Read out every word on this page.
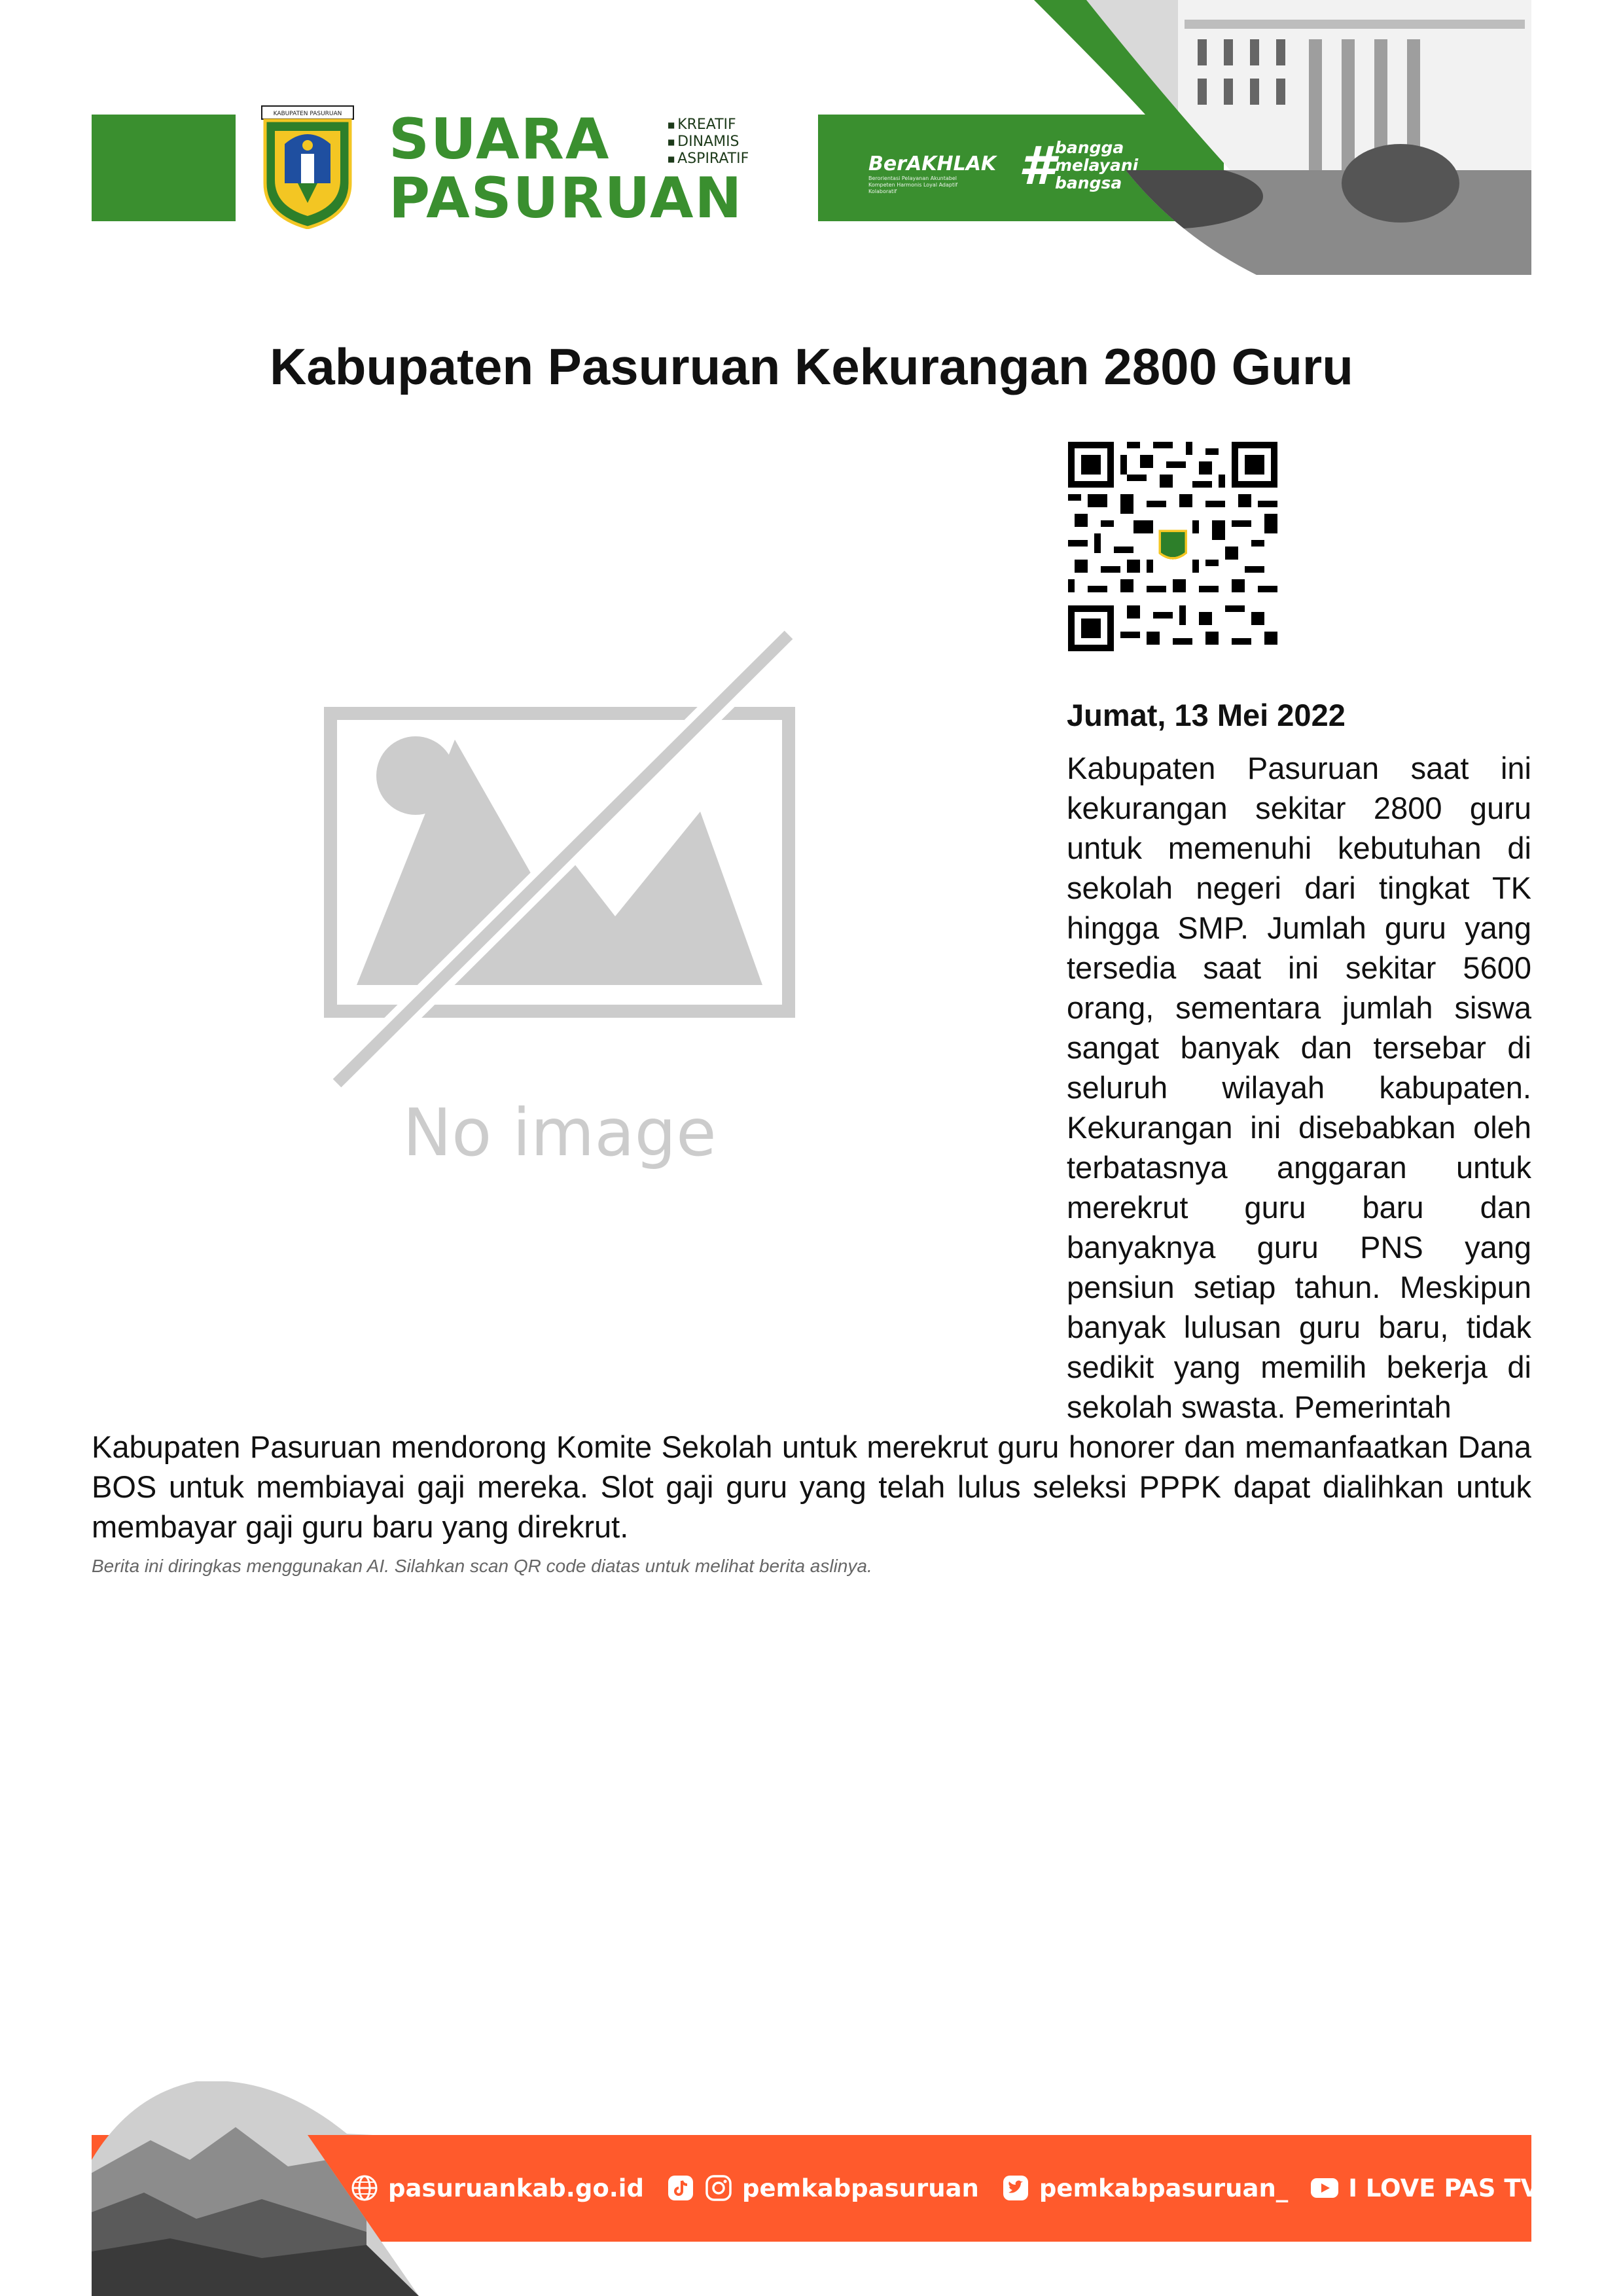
KABUPATEN PASURUAN SUARA
PASURUAN
■ KREATIF
■ DINAMIS
■ ASPIRATIF	BerAKHLAK
Berorientasi Pelayanan Akuntabel Kompeten Harmonis Loyal Adaptif Kolaboratif	# bangga
melayani
bangsa
Kabupaten Pasuruan Kekurangan 2800 Guru
No image
Jumat, 13 Mei 2022
Kabupaten Pasuruan saat ini kekurangan sekitar 2800 guru untuk memenuhi kebutuhan di sekolah negeri dari tingkat TK hingga SMP. Jumlah guru yang tersedia saat ini sekitar 5600 orang, sementara jumlah siswa sangat banyak dan tersebar di seluruh wilayah kabupaten. Kekurangan ini disebabkan oleh terbatasnya anggaran untuk merekrut guru baru dan banyaknya guru PNS yang pensiun setiap tahun. Meskipun banyak lulusan guru baru, tidak sedikit yang memilih bekerja di sekolah swasta. Pemerintah
Kabupaten Pasuruan mendorong Komite Sekolah untuk merekrut guru honorer dan memanfaatkan Dana BOS untuk membiayai gaji mereka. Slot gaji guru yang telah lulus seleksi PPPK dapat dialihkan untuk membayar gaji guru baru yang direkrut.
Berita ini diringkas menggunakan AI. Silahkan scan QR code diatas untuk melihat berita aslinya.
pasuruankab.go.id	pemkabpasuruan pemkabpasuruan_ I LOVE PAS TV
